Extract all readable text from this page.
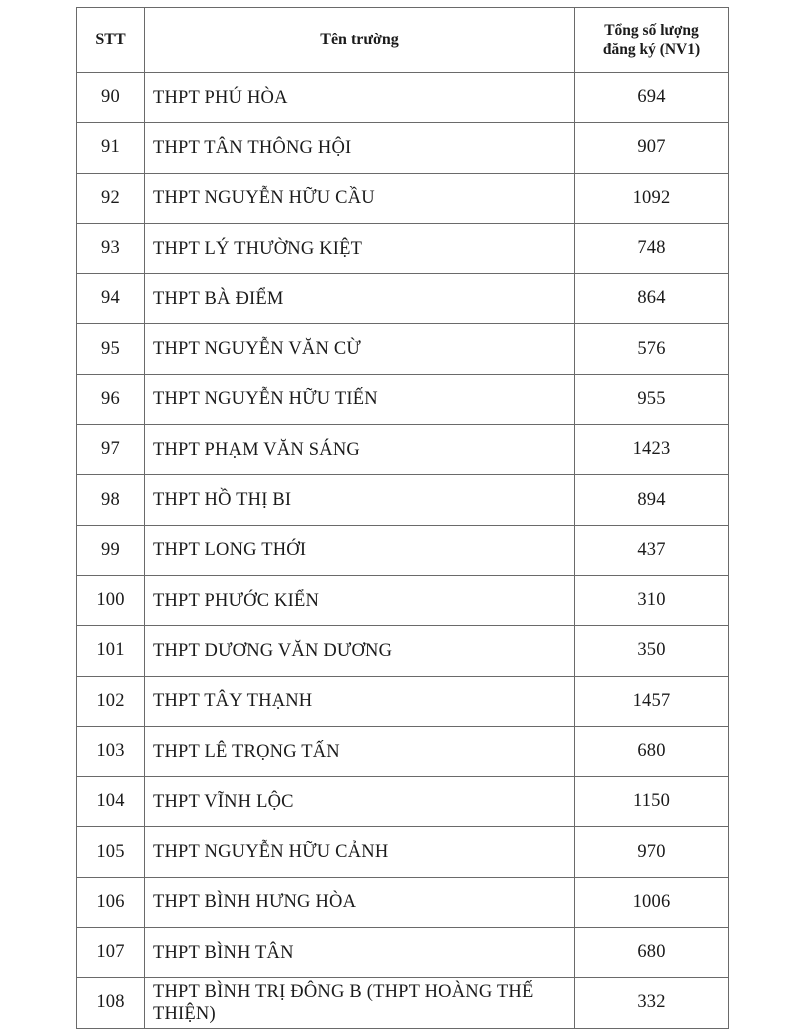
STT	Tên trường	Tổng số lượng
đăng ký (NV1)
90	THPT PHÚ HÒA	694
91	THPT TÂN THÔNG HỘI	907
92	THPT NGUYỄN HỮU CẦU	1092
93	THPT LÝ THƯỜNG KIỆT	748
94	THPT BÀ ĐIỂM	864
95	THPT NGUYỄN VĂN CỪ	576
96	THPT NGUYỄN HỮU TIẾN	955
97	THPT PHẠM VĂN SÁNG	1423
98	THPT HỒ THỊ BI	894
99	THPT LONG THỚI	437
100	THPT PHƯỚC KIỂN	310
101	THPT DƯƠNG VĂN DƯƠNG	350
102	THPT TÂY THẠNH	1457
103	THPT LÊ TRỌNG TẤN	680
104	THPT VĨNH LỘC	1150
105	THPT NGUYỄN HỮU CẢNH	970
106	THPT BÌNH HƯNG HÒA	1006
107	THPT BÌNH TÂN	680
108	THPT BÌNH TRỊ ĐÔNG B (THPT HOÀNG THẾ THIỆN)	332
